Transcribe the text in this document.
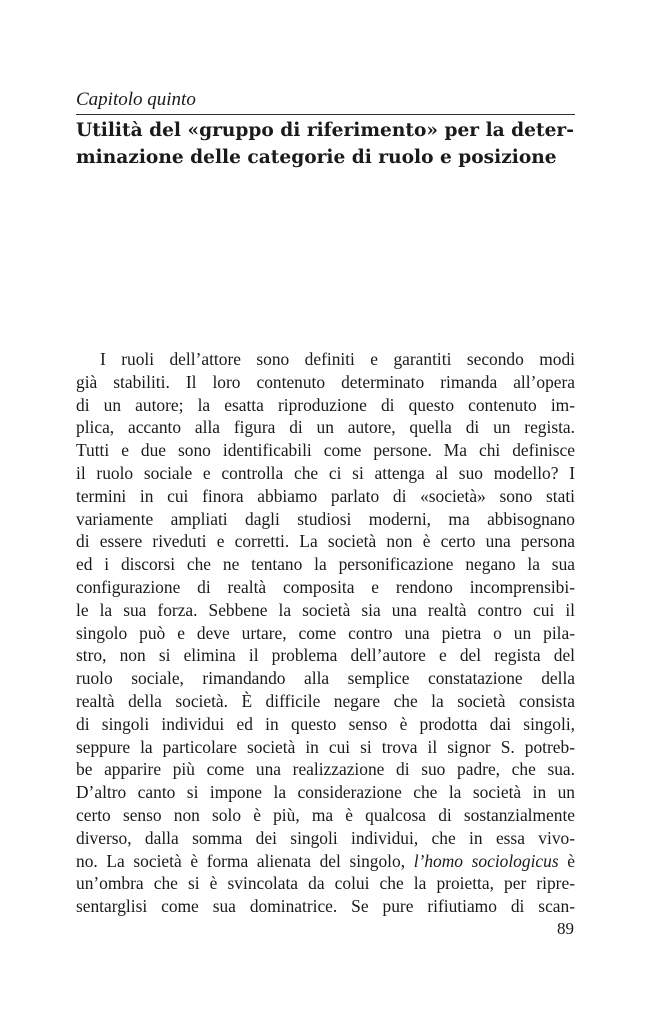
Capitolo quinto
Utilità del «gruppo di riferimento» per la deter-
minazione delle categorie di ruolo e posizione
I ruoli dell’attore sono definiti e garantiti secondo modi
già stabiliti. Il loro contenuto determinato rimanda all’opera
di un autore; la esatta riproduzione di questo contenuto im-
plica, accanto alla figura di un autore, quella di un regista.
Tutti e due sono identificabili come persone. Ma chi definisce
il ruolo sociale e controlla che ci si attenga al suo modello? I
termini in cui finora abbiamo parlato di «società» sono stati
variamente ampliati dagli studiosi moderni, ma abbisognano
di essere riveduti e corretti. La società non è certo una persona
ed i discorsi che ne tentano la personificazione negano la sua
configurazione di realtà composita e rendono incomprensibi-
le la sua forza. Sebbene la società sia una realtà contro cui il
singolo può e deve urtare, come contro una pietra o un pila-
stro, non si elimina il problema dell’autore e del regista del
ruolo sociale, rimandando alla semplice constatazione della
realtà della società. È difficile negare che la società consista
di singoli individui ed in questo senso è prodotta dai singoli,
seppure la particolare società in cui si trova il signor S. potreb-
be apparire più come una realizzazione di suo padre, che sua.
D’altro canto si impone la considerazione che la società in un
certo senso non solo è più, ma è qualcosa di sostanzialmente
diverso, dalla somma dei singoli individui, che in essa vivo-
no. La società è forma alienata del singolo, l’homo sociologicus è
un’ombra che si è svincolata da colui che la proietta, per ripre-
sentarglisi come sua dominatrice. Se pure rifiutiamo di scan-
89
